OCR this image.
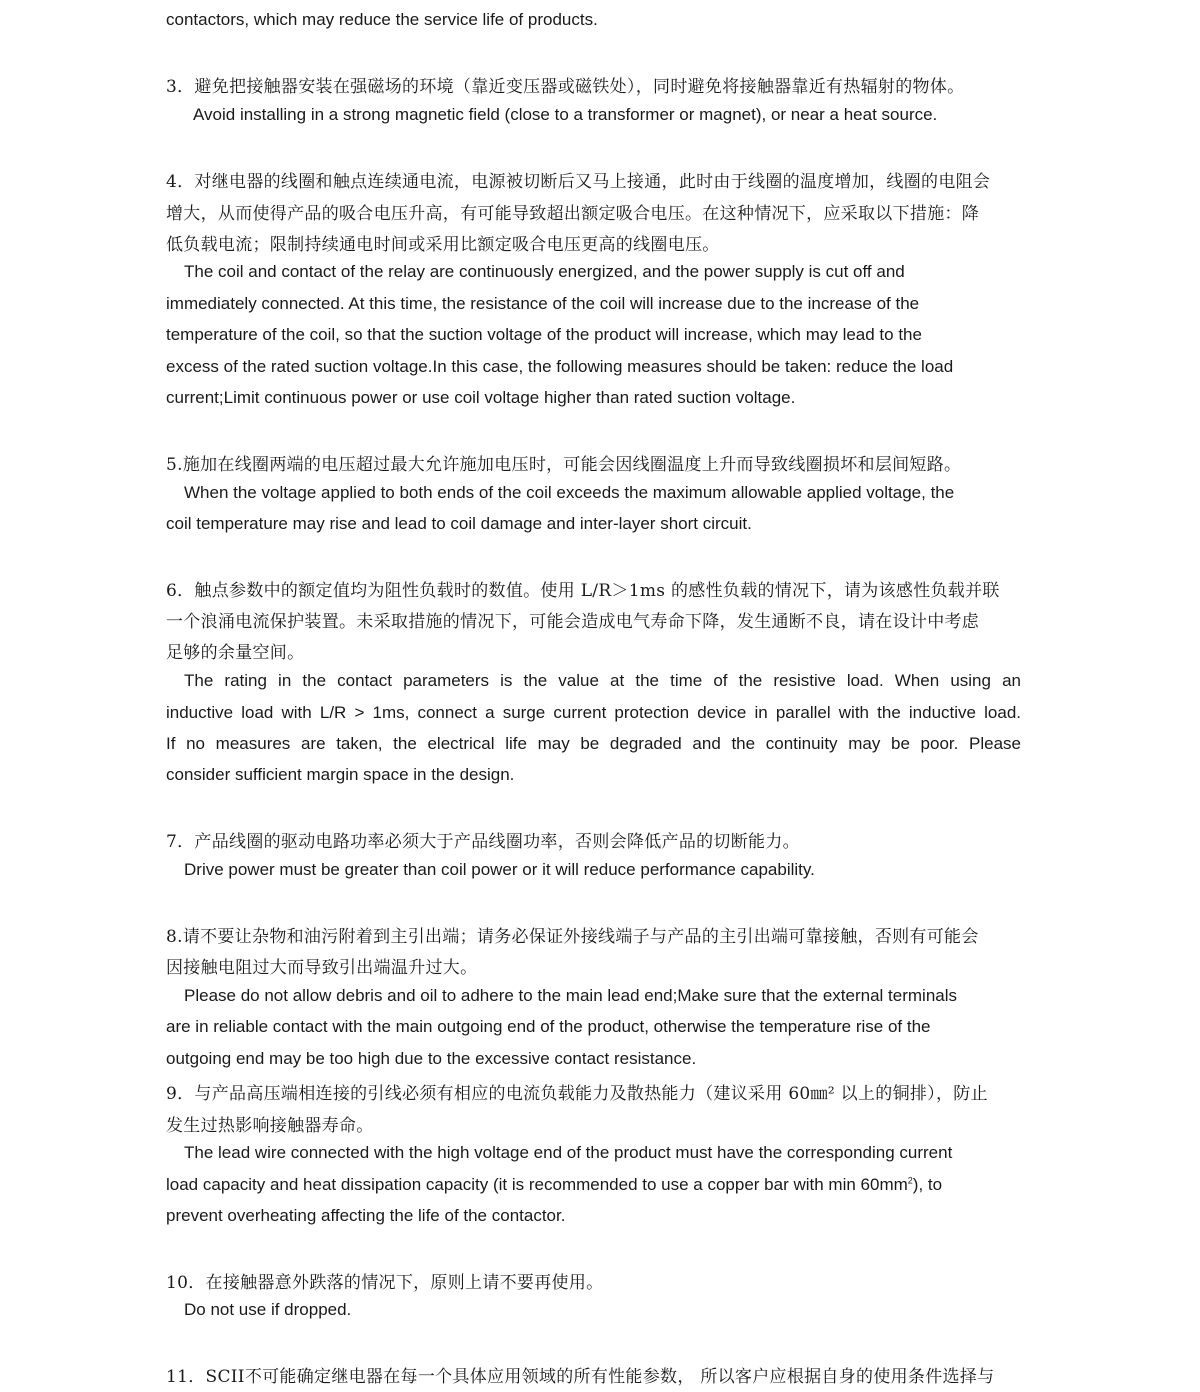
contactors, which may reduce the service life of products.

3．避免把接触器安装在强磁场的环境（靠近变压器或磁铁处），同时避免将接触器靠近有热辐射的物体。

Avoid installing in a strong magnetic field (close to a transformer or magnet), or near a heat source.

4．对继电器的线圈和触点连续通电流，电源被切断后又马上接通，此时由于线圈的温度增加，线圈的电阻会

增大，从而使得产品的吸合电压升高，有可能导致超出额定吸合电压。在这种情况下，应采取以下措施：降

低负载电流；限制持续通电时间或采用比额定吸合电压更高的线圈电压。

The coil and contact of the relay are continuously energized, and the power supply is cut off and

immediately connected. At this time, the resistance of the coil will increase due to the increase of the

temperature of the coil, so that the suction voltage of the product will increase, which may lead to the

excess of the rated suction voltage.In this case, the following measures should be taken: reduce the load

current;Limit continuous power or use coil voltage higher than rated suction voltage.

5.施加在线圈两端的电压超过最大允许施加电压时，可能会因线圈温度上升而导致线圈损坏和层间短路。

When the voltage applied to both ends of the coil exceeds the maximum allowable applied voltage, the

coil temperature may rise and lead to coil damage and inter-layer short circuit.

6．触点参数中的额定值均为阻性负载时的数值。使用 L/R＞1ms 的感性负载的情况下，请为该感性负载并联

一个浪涌电流保护装置。未采取措施的情况下，可能会造成电气寿命下降，发生通断不良，请在设计中考虑

足够的余量空间。

The rating in the contact parameters is the value at the time of the resistive load. When using an

inductive load with L/R > 1ms, connect a surge current protection device in parallel with the inductive load.

If no measures are taken, the electrical life may be degraded and the continuity may be poor. Please

consider sufficient margin space in the design.

7．产品线圈的驱动电路功率必须大于产品线圈功率，否则会降低产品的切断能力。

Drive power must be greater than coil power or it will reduce performance capability.

8.请不要让杂物和油污附着到主引出端；请务必保证外接线端子与产品的主引出端可靠接触，否则有可能会

因接触电阻过大而导致引出端温升过大。

Please do not allow debris and oil to adhere to the main lead end;Make sure that the external terminals

are in reliable contact with the main outgoing end of the product, otherwise the temperature rise of the

outgoing end may be too high due to the excessive contact resistance.

9．与产品高压端相连接的引线必须有相应的电流负载能力及散热能力（建议采用 60㎜² 以上的铜排），防止

发生过热影响接触器寿命。

The lead wire connected with the high voltage end of the product must have the corresponding current

load capacity and heat dissipation capacity (it is recommended to use a copper bar with $\min 60mm^2$), to

prevent overheating affecting the life of the contactor.

10．在接触器意外跌落的情况下，原则上请不要再使用。

Do not use if dropped.

11．SCII不可能确定继电器在每一个具体应用领域的所有性能参数， 所以客户应根据自身的使用条件选择与
